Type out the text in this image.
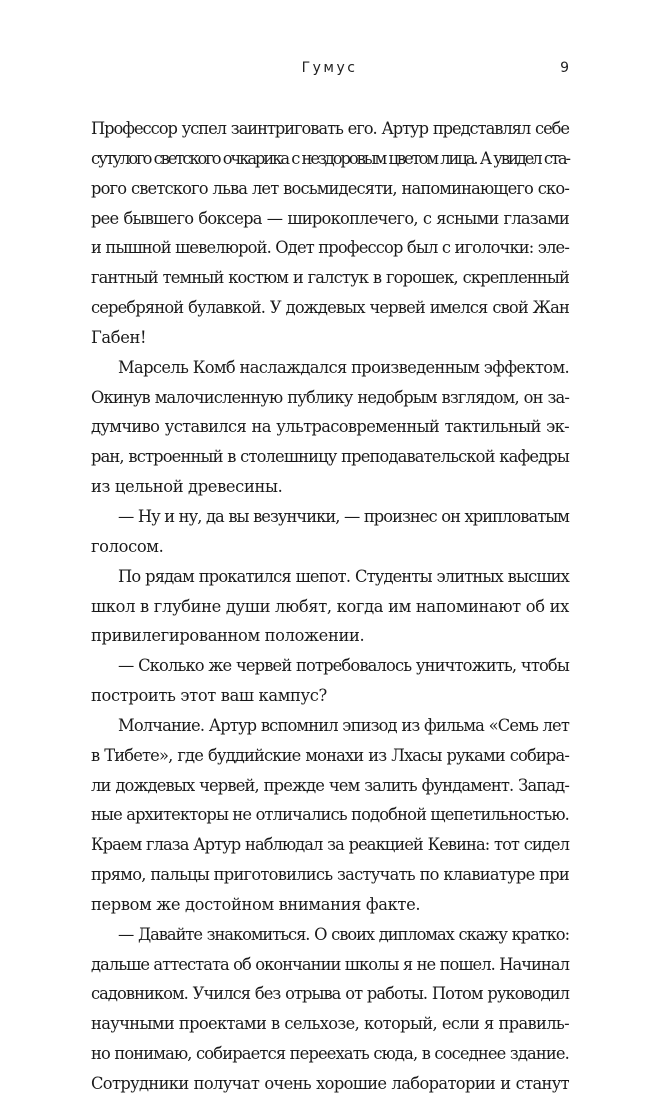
Гумус	9
Профессор успел заинтриговать его. Артур представлял себе
сутулого светского очкарика с нездоровым цветом лица. А увидел ста-
рого светского льва лет восьмидесяти, напоминающего ско-
рее бывшего боксера — широкоплечего, с ясными глазами
и пышной шевелюрой. Одет профессор был с иголочки: эле-
гантный темный костюм и галстук в горошек, скрепленный
серебряной булавкой. У дождевых червей имелся свой Жан
Габен!
Марсель Комб наслаждался произведенным эффектом.
Окинув малочисленную публику недобрым взглядом, он за-
думчиво уставился на ультрасовременный тактильный эк-
ран, встроенный в столешницу преподавательской кафедры
из цельной древесины.
— Ну и ну, да вы везунчики, — произнес он хрипловатым
голосом.
По рядам прокатился шепот. Студенты элитных высших
школ в глубине души любят, когда им напоминают об их
привилегированном положении.
— Сколько же червей потребовалось уничтожить, чтобы
построить этот ваш кампус?
Молчание. Артур вспомнил эпизод из фильма «Семь лет
в Тибете», где буддийские монахи из Лхасы руками собира-
ли дождевых червей, прежде чем залить фундамент. Запад-
ные архитекторы не отличались подобной щепетильностью.
Краем глаза Артур наблюдал за реакцией Кевина: тот сидел
прямо, пальцы приготовились застучать по клавиатуре при
первом же достойном внимания факте.
— Давайте знакомиться. О своих дипломах скажу кратко:
дальше аттестата об окончании школы я не пошел. Начинал
садовником. Учился без отрыва от работы. Потом руководил
научными проектами в сельхозе, который, если я правиль-
но понимаю, собирается переехать сюда, в соседнее здание.
Сотрудники получат очень хорошие лаборатории и станут
